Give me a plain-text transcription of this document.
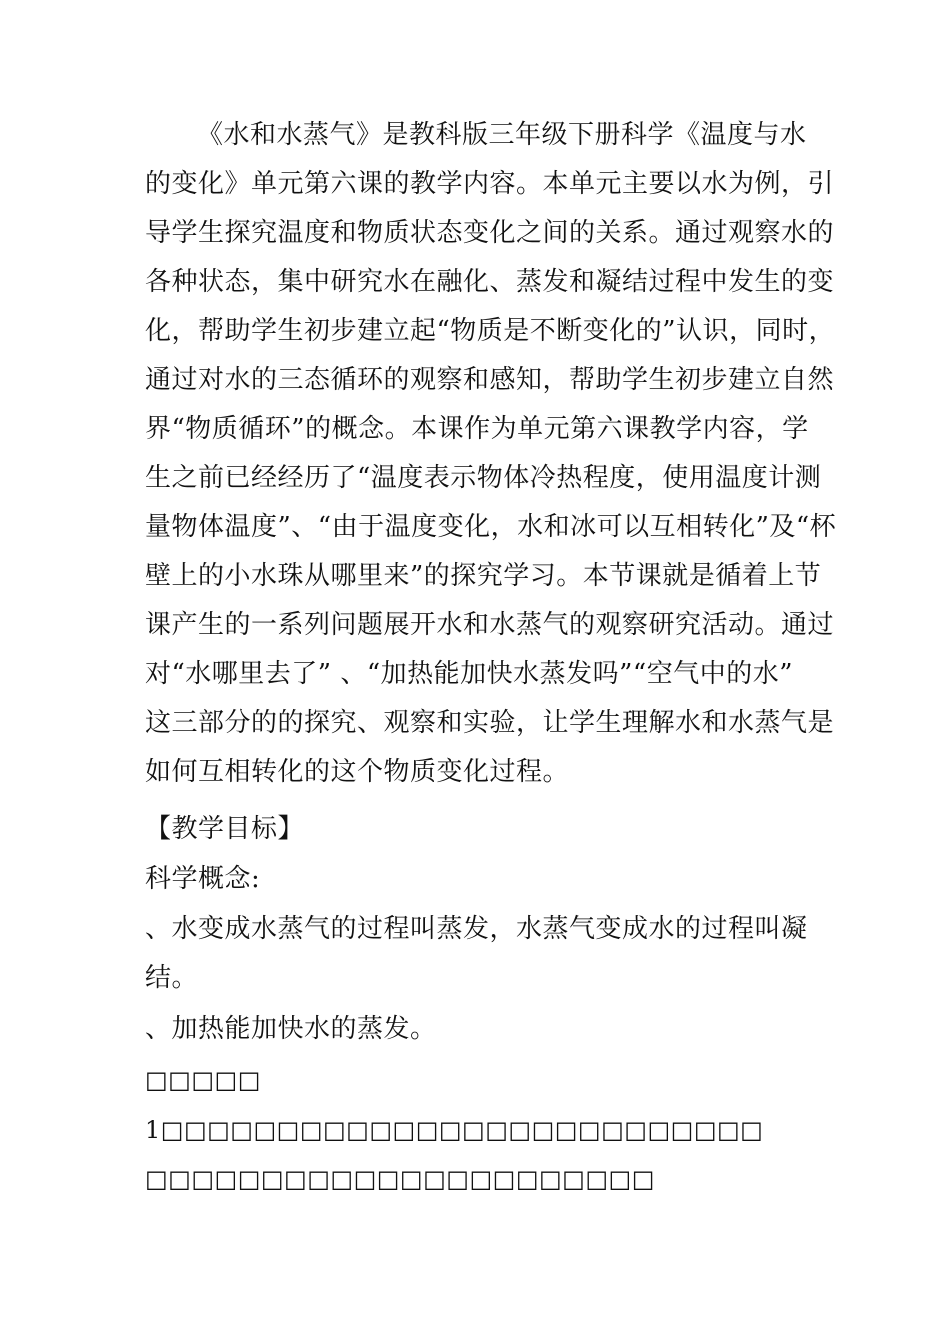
《水和水蒸气》是教科版三年级下册科学《温度与水
的变化》单元第六课的教学内容。本单元主要以水为例，引
导学生探究温度和物质状态变化之间的关系。通过观察水的
各种状态，集中研究水在融化、蒸发和凝结过程中发生的变
化，帮助学生初步建立起“物质是不断变化的”认识，同时，
通过对水的三态循环的观察和感知，帮助学生初步建立自然
界“物质循环”的概念。本课作为单元第六课教学内容，学
生之前已经经历了“温度表示物体冷热程度，使用温度计测
量物体温度”、“由于温度变化，水和冰可以互相转化”及“杯
壁上的小水珠从哪里来”的探究学习。本节课就是循着上节
课产生的一系列问题展开水和水蒸气的观察研究活动。通过
对“水哪里去了” 、“加热能加快水蒸发吗”“空气中的水”
这三部分的的探究、观察和实验，让学生理解水和水蒸气是
如何互相转化的这个物质变化过程。
【教学目标】
科学概念:
、水变成水蒸气的过程叫蒸发，水蒸气变成水的过程叫凝
结。
、加热能加快水的蒸发。
□□□□□
1□□□□□□□□□□□□□□□□□□□□□□□□□□
□□□□□□□□□□□□□□□□□□□□□□
